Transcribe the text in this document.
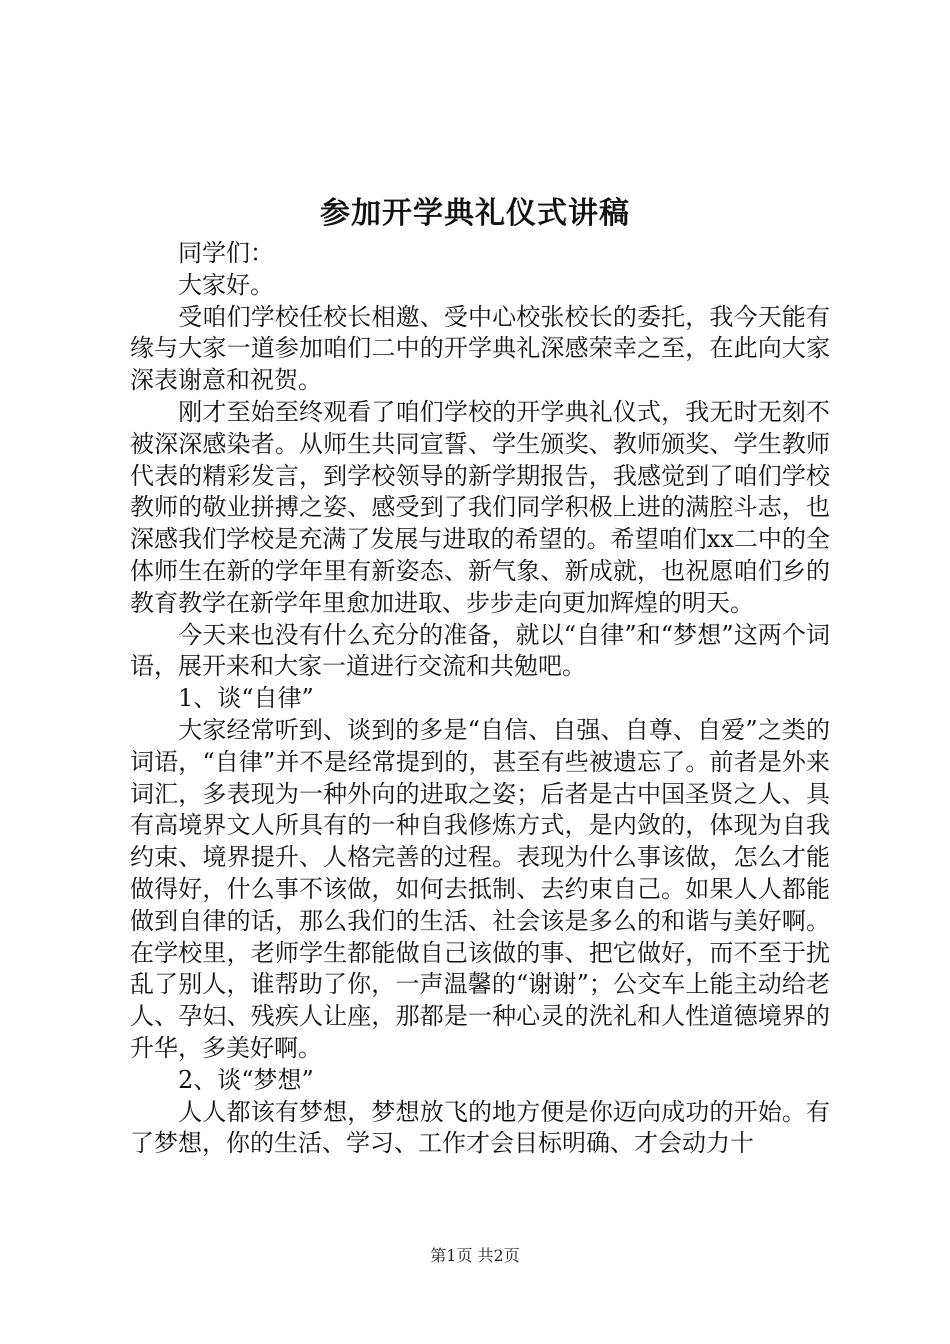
参加开学典礼仪式讲稿

　　同学们：

　　大家好。

　　受咱们学校任校长相邀、受中心校张校长的委托，我今天能有缘与大家一道参加咱们二中的开学典礼深感荣幸之至，在此向大家深表谢意和祝贺。

　　刚才至始至终观看了咱们学校的开学典礼仪式，我无时无刻不被深深感染者。从师生共同宣誓、学生颁奖、教师颁奖、学生教师代表的精彩发言，到学校领导的新学期报告，我感觉到了咱们学校教师的敬业拼搏之姿、感受到了我们同学积极上进的满腔斗志，也深感我们学校是充满了发展与进取的希望的。希望咱们xx二中的全体师生在新的学年里有新姿态、新气象、新成就，也祝愿咱们乡的教育教学在新学年里愈加进取、步步走向更加辉煌的明天。

　　今天来也没有什么充分的准备，就以“自律”和“梦想”这两个词语，展开来和大家一道进行交流和共勉吧。

　　1、谈“自律”

　　大家经常听到、谈到的多是“自信、自强、自尊、自爱”之类的词语，“自律”并不是经常提到的，甚至有些被遗忘了。前者是外来词汇，多表现为一种外向的进取之姿；后者是古中国圣贤之人、具有高境界文人所具有的一种自我修炼方式，是内敛的，体现为自我约束、境界提升、人格完善的过程。表现为什么事该做，怎么才能做得好，什么事不该做，如何去抵制、去约束自己。如果人人都能做到自律的话，那么我们的生活、社会该是多么的和谐与美好啊。在学校里，老师学生都能做自己该做的事、把它做好，而不至于扰乱了别人，谁帮助了你，一声温馨的“谢谢”；公交车上能主动给老人、孕妇、残疾人让座，那都是一种心灵的洗礼和人性道德境界的升华，多美好啊。

　　2、谈“梦想”

　　人人都该有梦想，梦想放飞的地方便是你迈向成功的开始。有了梦想，你的生活、学习、工作才会目标明确、才会动力十

第1页 共2页
